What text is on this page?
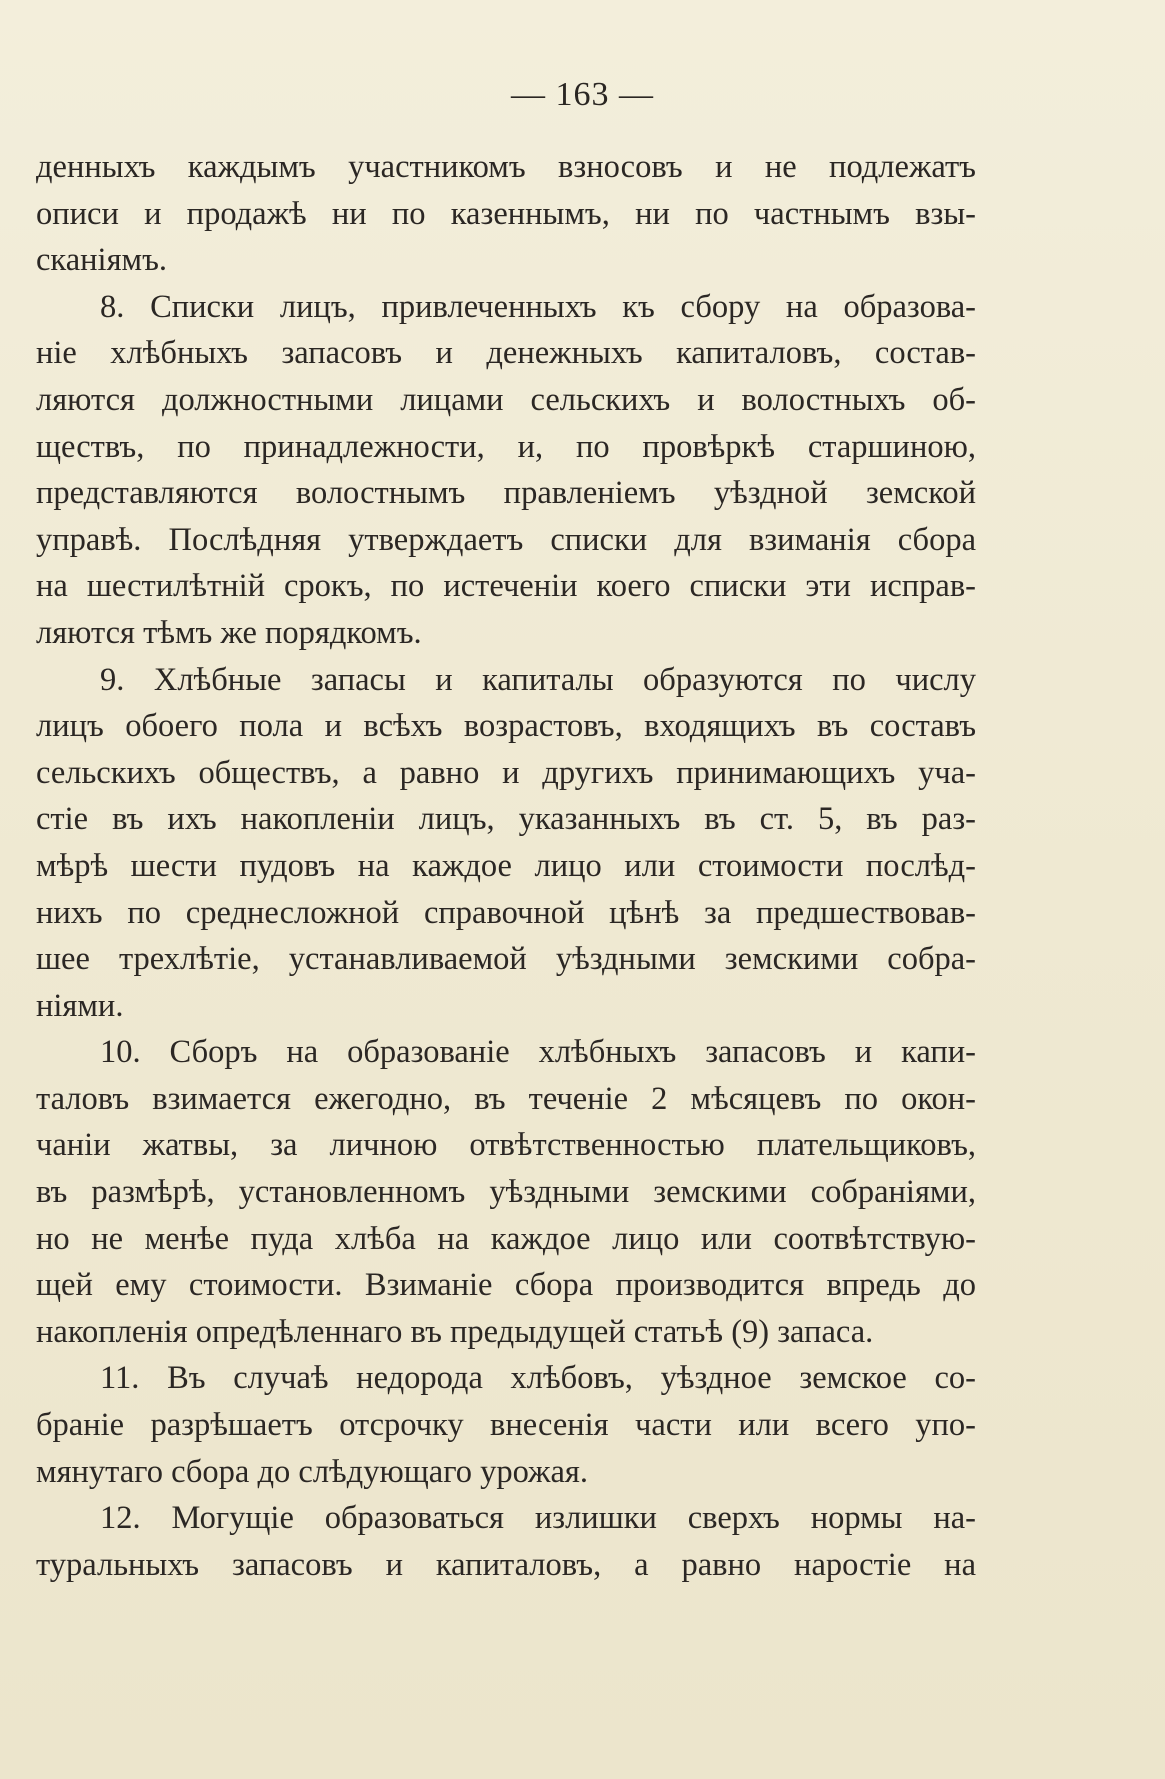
— 163 —
денныхъ каждымъ участникомъ взносовъ и не подлежатъ
описи и продажѣ ни по казеннымъ, ни по частнымъ взы-
сканіямъ.
8. Списки лицъ, привлеченныхъ къ сбору на образова-
ніе хлѣбныхъ запасовъ и денежныхъ капиталовъ, состав-
ляются должностными лицами сельскихъ и волостныхъ об-
ществъ, по принадлежности, и, по провѣркѣ старшиною,
представляются волостнымъ правленіемъ уѣздной земской
управѣ. Послѣдняя утверждаетъ списки для взиманія сбора
на шестилѣтній срокъ, по истеченіи коего списки эти исправ-
ляются тѣмъ же порядкомъ.
9. Хлѣбные запасы и капиталы образуются по числу
лицъ обоего пола и всѣхъ возрастовъ, входящихъ въ составъ
сельскихъ обществъ, а равно и другихъ принимающихъ уча-
стіе въ ихъ накопленіи лицъ, указанныхъ въ ст. 5, въ раз-
мѣрѣ шести пудовъ на каждое лицо или стоимости послѣд-
нихъ по среднесложной справочной цѣнѣ за предшествовав-
шее трехлѣтіе, устанавливаемой уѣздными земскими собра-
ніями.
10. Сборъ на образованіе хлѣбныхъ запасовъ и капи-
таловъ взимается ежегодно, въ теченіе 2 мѣсяцевъ по окон-
чаніи жатвы, за личною отвѣтственностью плательщиковъ,
въ размѣрѣ, установленномъ уѣздными земскими собраніями,
но не менѣе пуда хлѣба на каждое лицо или соотвѣтствую-
щей ему стоимости. Взиманіе сбора производится впредь до
накопленія опредѣленнаго въ предыдущей статьѣ (9) запаса.
11. Въ случаѣ недорода хлѣбовъ, уѣздное земское со-
браніе разрѣшаетъ отсрочку внесенія части или всего упо-
мянутаго сбора до слѣдующаго урожая.
12. Могущіе образоваться излишки сверхъ нормы на-
туральныхъ запасовъ и капиталовъ, а равно наростіе на
